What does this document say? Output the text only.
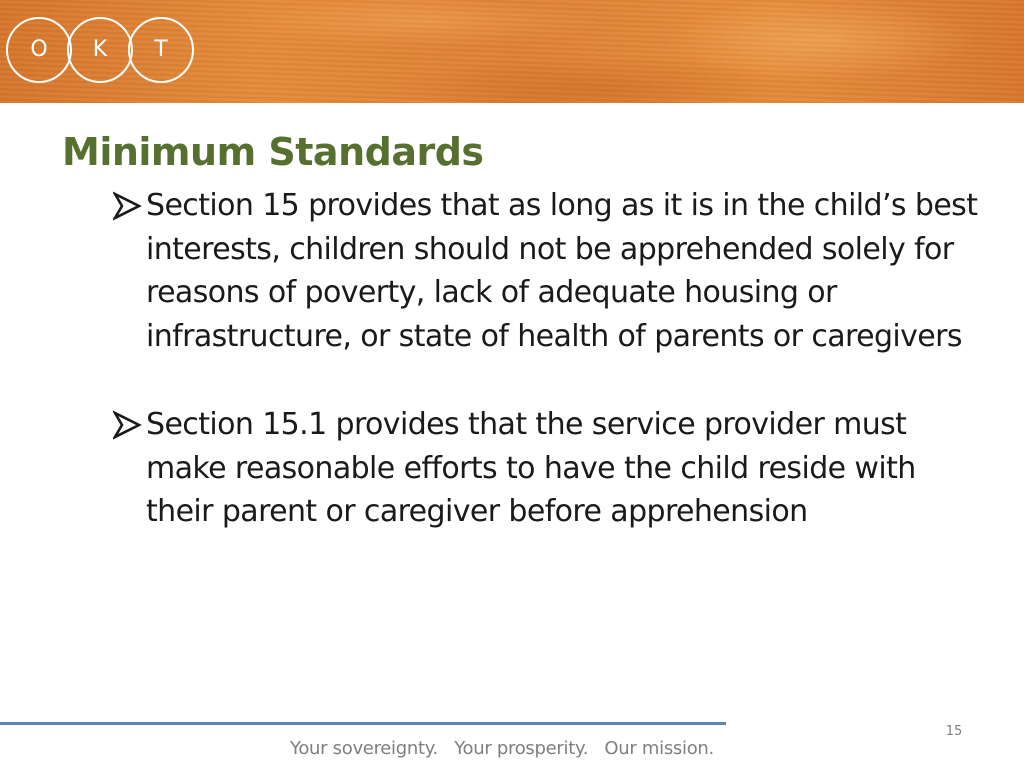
O	K	T
Minimum Standards
Section 15 provides that as long as it is in the child’s best interests, children should not be apprehended solely for reasons of poverty, lack of adequate housing or infrastructure, or state of health of parents or caregivers
Section 15.1 provides that the service provider must make reasonable efforts to have the child reside with their parent or caregiver before apprehension
15
Your sovereignty.   Your prosperity.   Our mission.
